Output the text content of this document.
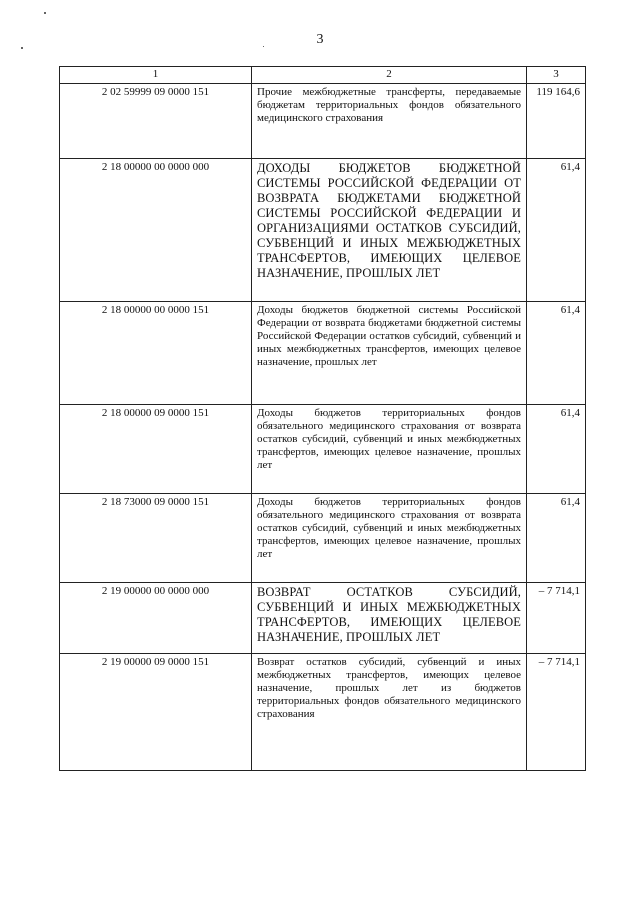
3
1	2	3
2 02 59999 09 0000 151	Прочие межбюджетные трансферты, передаваемые бюджетам территориальных фондов обязательного медицинского страхования	119 164,6
2 18 00000 00 0000 000	ДОХОДЫ БЮДЖЕТОВ БЮДЖЕТНОЙ СИСТЕМЫ РОССИЙСКОЙ ФЕДЕРАЦИИ ОТ ВОЗВРАТА БЮДЖЕТАМИ БЮДЖЕТНОЙ СИСТЕМЫ РОССИЙСКОЙ ФЕДЕРАЦИИ И ОРГАНИЗАЦИЯМИ ОСТАТКОВ СУБСИДИЙ, СУБВЕНЦИЙ И ИНЫХ МЕЖБЮДЖЕТНЫХ ТРАНСФЕРТОВ, ИМЕЮЩИХ ЦЕЛЕВОЕ НАЗНАЧЕНИЕ, ПРОШЛЫХ ЛЕТ	61,4
2 18 00000 00 0000 151	Доходы бюджетов бюджетной системы Российской Федерации от возврата бюджетами бюджетной системы Российской Федерации остатков субсидий, субвенций и иных межбюджетных трансфертов, имеющих целевое назначение, прошлых лет	61,4
2 18 00000 09 0000 151	Доходы бюджетов территориальных фондов обязательного медицинского страхования от возврата остатков субсидий, субвенций и иных межбюджетных трансфертов, имеющих целевое назначение, прошлых лет	61,4
2 18 73000 09 0000 151	Доходы бюджетов территориальных фондов обязательного медицинского страхования от возврата остатков субсидий, субвенций и иных межбюджетных трансфертов, имеющих целевое назначение, прошлых лет	61,4
2 19 00000 00 0000 000	ВОЗВРАТ ОСТАТКОВ СУБСИДИЙ, СУБВЕНЦИЙ И ИНЫХ МЕЖБЮДЖЕТНЫХ ТРАНСФЕРТОВ, ИМЕЮЩИХ ЦЕЛЕВОЕ НАЗНАЧЕНИЕ, ПРОШЛЫХ ЛЕТ	– 7 714,1
2 19 00000 09 0000 151	Возврат остатков субсидий, субвенций и иных межбюджетных трансфертов, имеющих целевое назначение, прошлых лет из бюджетов территориальных фондов обязательного медицинского страхования	– 7 714,1
